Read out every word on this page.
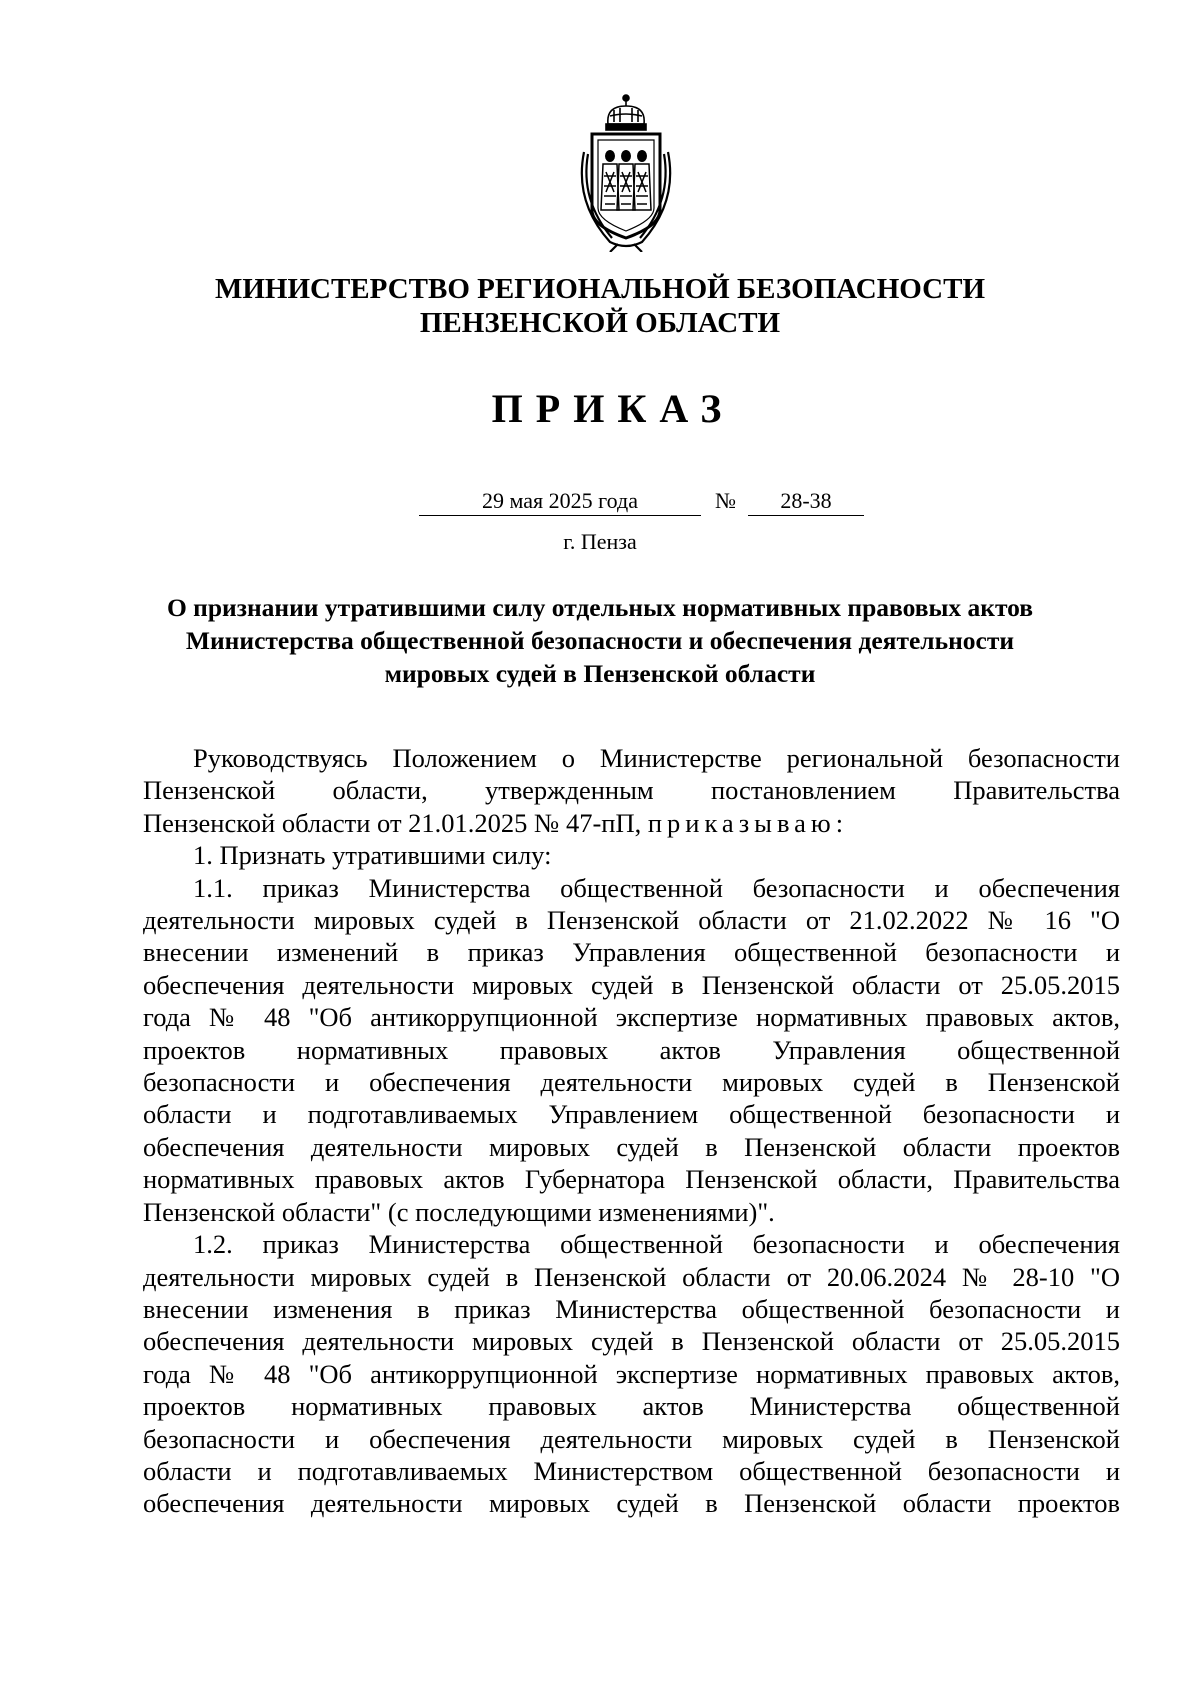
МИНИСТЕРСТВО РЕГИОНАЛЬНОЙ БЕЗОПАСНОСТИ
ПЕНЗЕНСКОЙ ОБЛАСТИ
ПРИКАЗ
29 мая 2025 года	№	28-38
г. Пенза
О признании утратившими силу отдельных нормативных правовых актов
Министерства общественной безопасности и обеспечения деятельности
мировых судей в Пензенской области

Руководствуясь Положением о Министерстве региональной безопасности

Пензенской области, утвержденным постановлением Правительства

Пензенской области от 21.01.2025 № 47-пП, приказываю:

1. Признать утратившими силу:

1.1. приказ Министерства общественной безопасности и обеспечения

деятельности мировых судей в Пензенской области от 21.02.2022 № 16 "О

внесении изменений в приказ Управления общественной безопасности и

обеспечения деятельности мировых судей в Пензенской области от 25.05.2015

года № 48 "Об антикоррупционной экспертизе нормативных правовых актов,

проектов нормативных правовых актов Управления общественной

безопасности и обеспечения деятельности мировых судей в Пензенской

области и подготавливаемых Управлением общественной безопасности и

обеспечения деятельности мировых судей в Пензенской области проектов

нормативных правовых актов Губернатора Пензенской области, Правительства

Пензенской области" (с последующими изменениями)".

1.2. приказ Министерства общественной безопасности и обеспечения

деятельности мировых судей в Пензенской области от 20.06.2024 № 28-10 "О

внесении изменения в приказ Министерства общественной безопасности и

обеспечения деятельности мировых судей в Пензенской области от 25.05.2015

года № 48 "Об антикоррупционной экспертизе нормативных правовых актов,

проектов нормативных правовых актов Министерства общественной

безопасности и обеспечения деятельности мировых судей в Пензенской

области и подготавливаемых Министерством общественной безопасности и

обеспечения деятельности мировых судей в Пензенской области проектов
